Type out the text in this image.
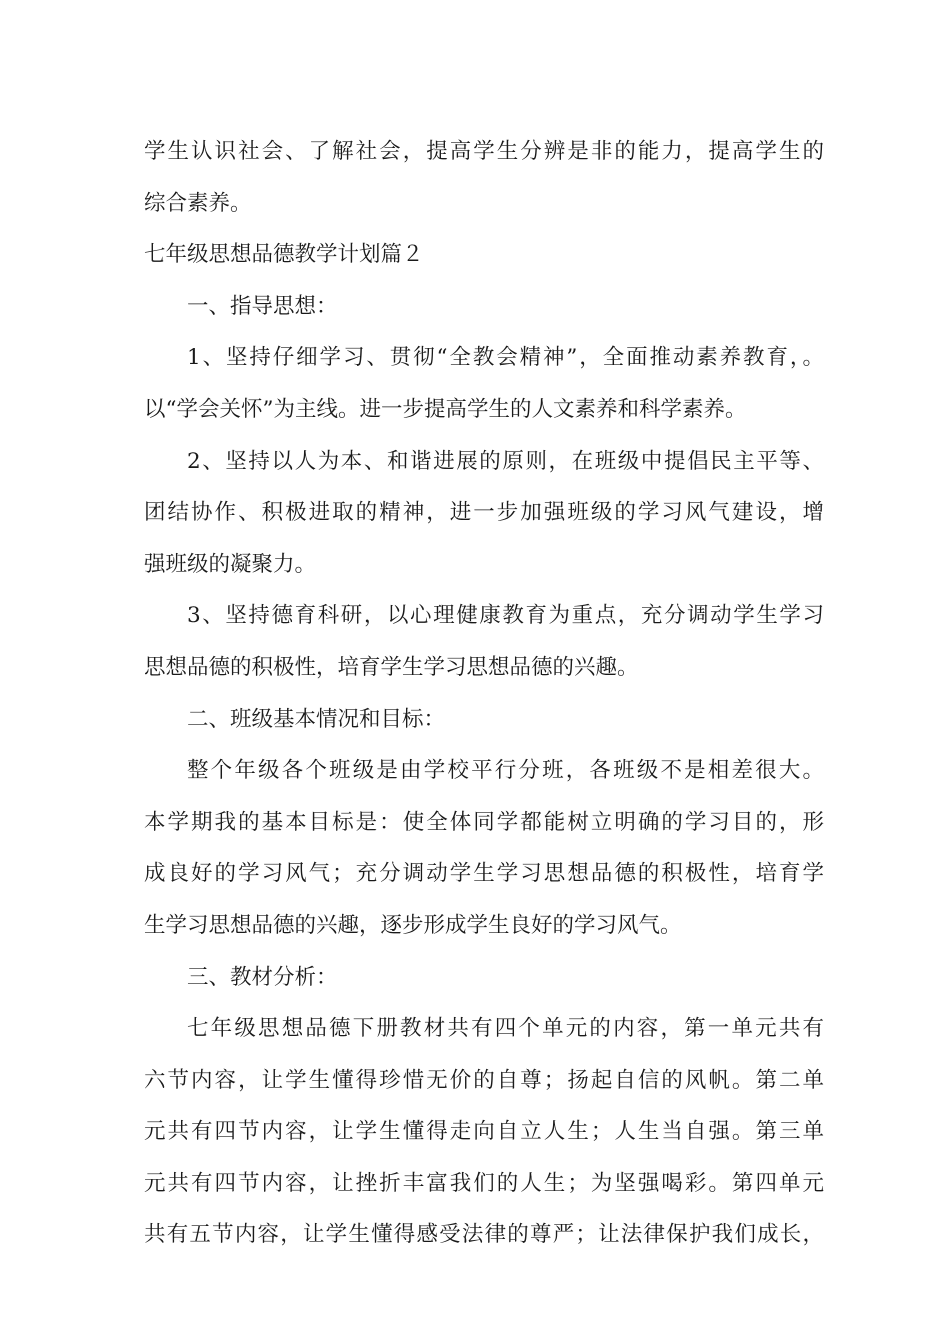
学生认识社会、了解社会，提高学生分辨是非的能力，提高学生的
综合素养。
七年级思想品德教学计划篇２
一、指导思想：
1、坚持仔细学习、贯彻“全教会精神”，全面推动素养教育，。
以“学会关怀”为主线。进一步提高学生的人文素养和科学素养。
2、坚持以人为本、和谐进展的原则，在班级中提倡民主平等、
团结协作、积极进取的精神，进一步加强班级的学习风气建设，增
强班级的凝聚力。
3、坚持德育科研，以心理健康教育为重点，充分调动学生学习
思想品德的积极性，培育学生学习思想品德的兴趣。
二、班级基本情况和目标：
整个年级各个班级是由学校平行分班，各班级不是相差很大。
本学期我的基本目标是：使全体同学都能树立明确的学习目的，形
成良好的学习风气；充分调动学生学习思想品德的积极性，培育学
生学习思想品德的兴趣，逐步形成学生良好的学习风气。
三、教材分析：
七年级思想品德下册教材共有四个单元的内容，第一单元共有
六节内容，让学生懂得珍惜无价的自尊；扬起自信的风帆。第二单
元共有四节内容，让学生懂得走向自立人生；人生当自强。第三单
元共有四节内容，让挫折丰富我们的人生；为坚强喝彩。第四单元
共有五节内容，让学生懂得感受法律的尊严；让法律保护我们成长，
